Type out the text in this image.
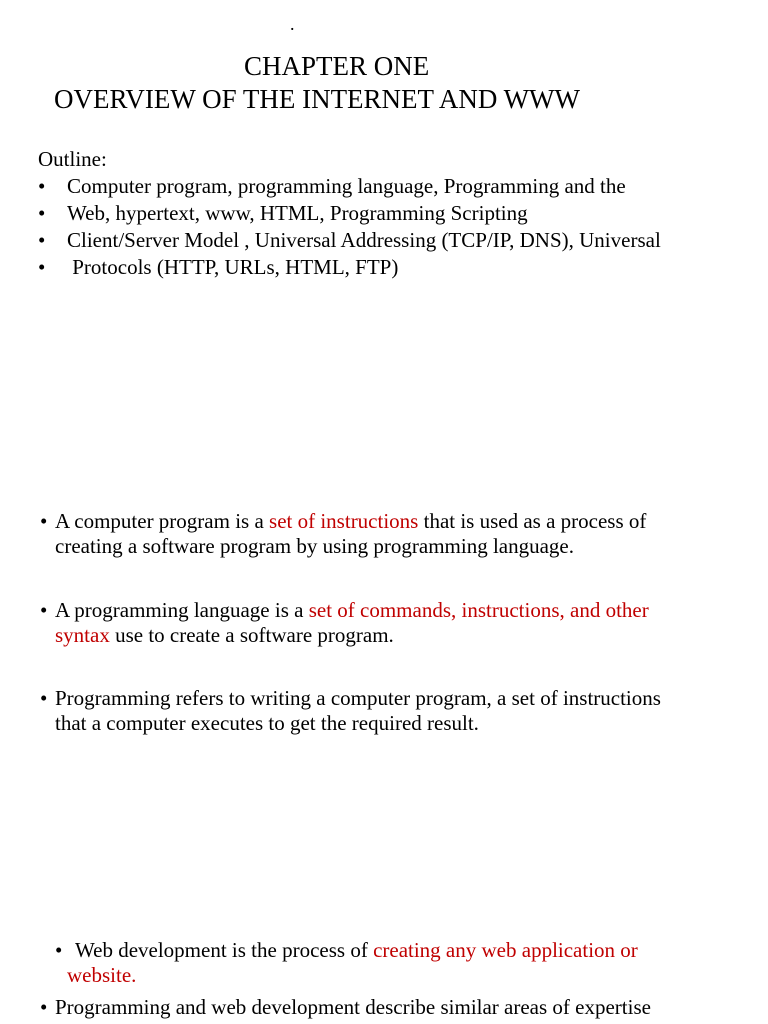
.
CHAPTER ONE
OVERVIEW OF THE INTERNET AND WWW
Outline:
• Computer program, programming language, Programming and the
• Web, hypertext, www, HTML, Programming Scripting
• Client/Server Model , Universal Addressing (TCP/IP, DNS), Universal
• Protocols (HTTP, URLs, HTML, FTP)
• A computer program is a set of instructions that is used as a process of
creating a software program by using programming language.
• A programming language is a set of commands, instructions, and other
syntax use to create a software program.
• Programming refers to writing a computer program, a set of instructions
that a computer executes to get the required result.
• Web development is the process of creating any web application or
website.
• Programming and web development describe similar areas of expertise
